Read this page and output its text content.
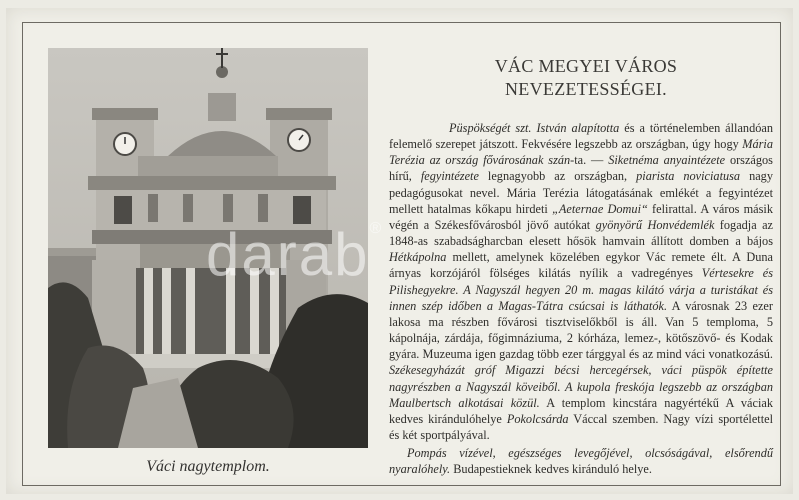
darab®
Váci nagytemplom.
VÁC MEGYEI VÁROS
NEVEZETESSÉGEI.

Püspökségét szt. István alapította és a történelemben állandóan felemelő szerepet játszott. Fekvésére legszebb az országban, úgy hogy Mária Terézia az ország fővárosának szán-ta. — Siketnéma anyaintézete országos hírű, fegyintézete legnagyobb az országban, piarista noviciatusa nagy pedagógusokat nevel. Mária Terézia látogatásának emlékét a fegyintézet mellett hatalmas kőkapu hirdeti „Aeternae Domui“ felirattal. A város másik végén a Székesfővárosból jövő autókat gyönyörű Honvédemlék fogadja az 1848-as szabadságharcban elesett hősök hamvain állított domben a bájos Hétkápolna mellett, amelynek közelében egykor Vác remete élt. A Duna árnyas korzójáról fölséges kilátás nyílik a vadregényes Vértesekre és Pilishegyekre. A Nagyszál hegyen 20 m. magas kilátó várja a turistákat és innen szép időben a Magas-Tátra csúcsai is láthatók. A városnak 23 ezer lakosa ma részben fővárosi tisztviselőkből is áll. Van 5 temploma, 5 kápolnája, zárdája, főgimnáziuma, 2 kórháza, lemez-, kötőszövő- és Kodak gyára. Muzeuma igen gazdag több ezer tárggyal és az mind váci vonatkozású. Székesegyházát gróf Migazzi bécsi hercegérsek, váci püspök építette nagyrészben a Nagyszál köveiből. A kupola freskója legszebb az országban Maulbertsch alkotásai közül. A templom kincstára nagyértékű A váciak kedves kirándulóhelye Pokolcsárda Váccal szemben. Nagy vízi sportélettel és két sportpályával.

Pompás vízével, egészséges levegőjével, olcsóságával, elsőrendű nyaralóhely. Budapestieknek kedves kiránduló helye.
